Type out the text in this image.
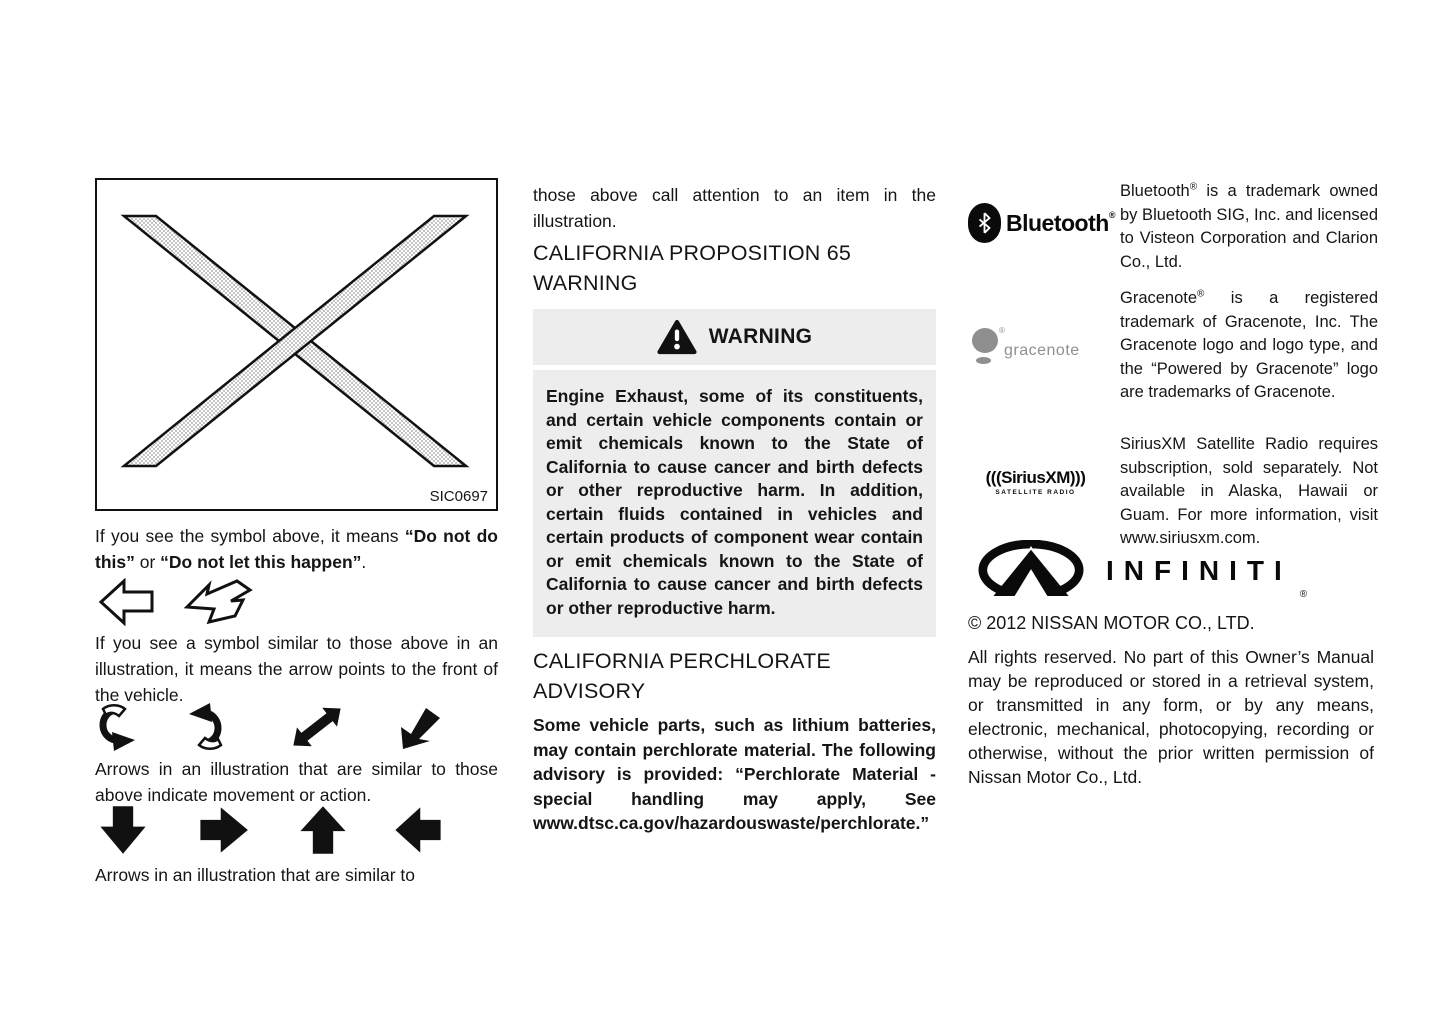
SIC0697

If you see the symbol above, it means “Do not do this” or “Do not let this happen”.

If you see a symbol similar to those above in an illustration, it means the arrow points to the front of the vehicle.

Arrows in an illustration that are similar to those above indicate movement or action.

Arrows in an illustration that are similar to

those above call attention to an item in the illustration.

CALIFORNIA PROPOSITION 65 WARNING
WARNING
Engine Exhaust, some of its constituents, and certain vehicle components contain or emit chemicals known to the State of California to cause cancer and birth defects or other reproductive harm. In addition, certain fluids contained in vehicles and certain products of component wear contain or emit chemicals known to the State of California to cause cancer and birth defects or other reproductive harm.
CALIFORNIA PERCHLORATE ADVISORY

Some vehicle parts, such as lithium batteries, may contain perchlorate material. The following advisory is provided: “Perchlorate Material - special handling may apply, See www.dtsc.ca.gov/hazardouswaste/perchlorate.”

Bluetooth®

Bluetooth® is a trademark owned by Bluetooth SIG, Inc. and licensed to Visteon Corporation and Clarion Co., Ltd.

®
gracenote

Gracenote® is a registered trademark of Gracenote, Inc. The Gracenote logo and logo type, and the “Powered by Gracenote” logo are trademarks of Gracenote.

(((SiriusXM)))
SATELLITE RADIO

SiriusXM Satellite Radio requires subscription, sold separately. Not available in Alaska, Hawaii or Guam. For more information, visit www.siriusxm.com.

INFINITI
®

© 2012 NISSAN MOTOR CO., LTD.

All rights reserved. No part of this Owner’s Manual may be reproduced or stored in a retrieval system, or transmitted in any form, or by any means, electronic, mechanical, photocopying, recording or otherwise, without the prior written permission of Nissan Motor Co., Ltd.
